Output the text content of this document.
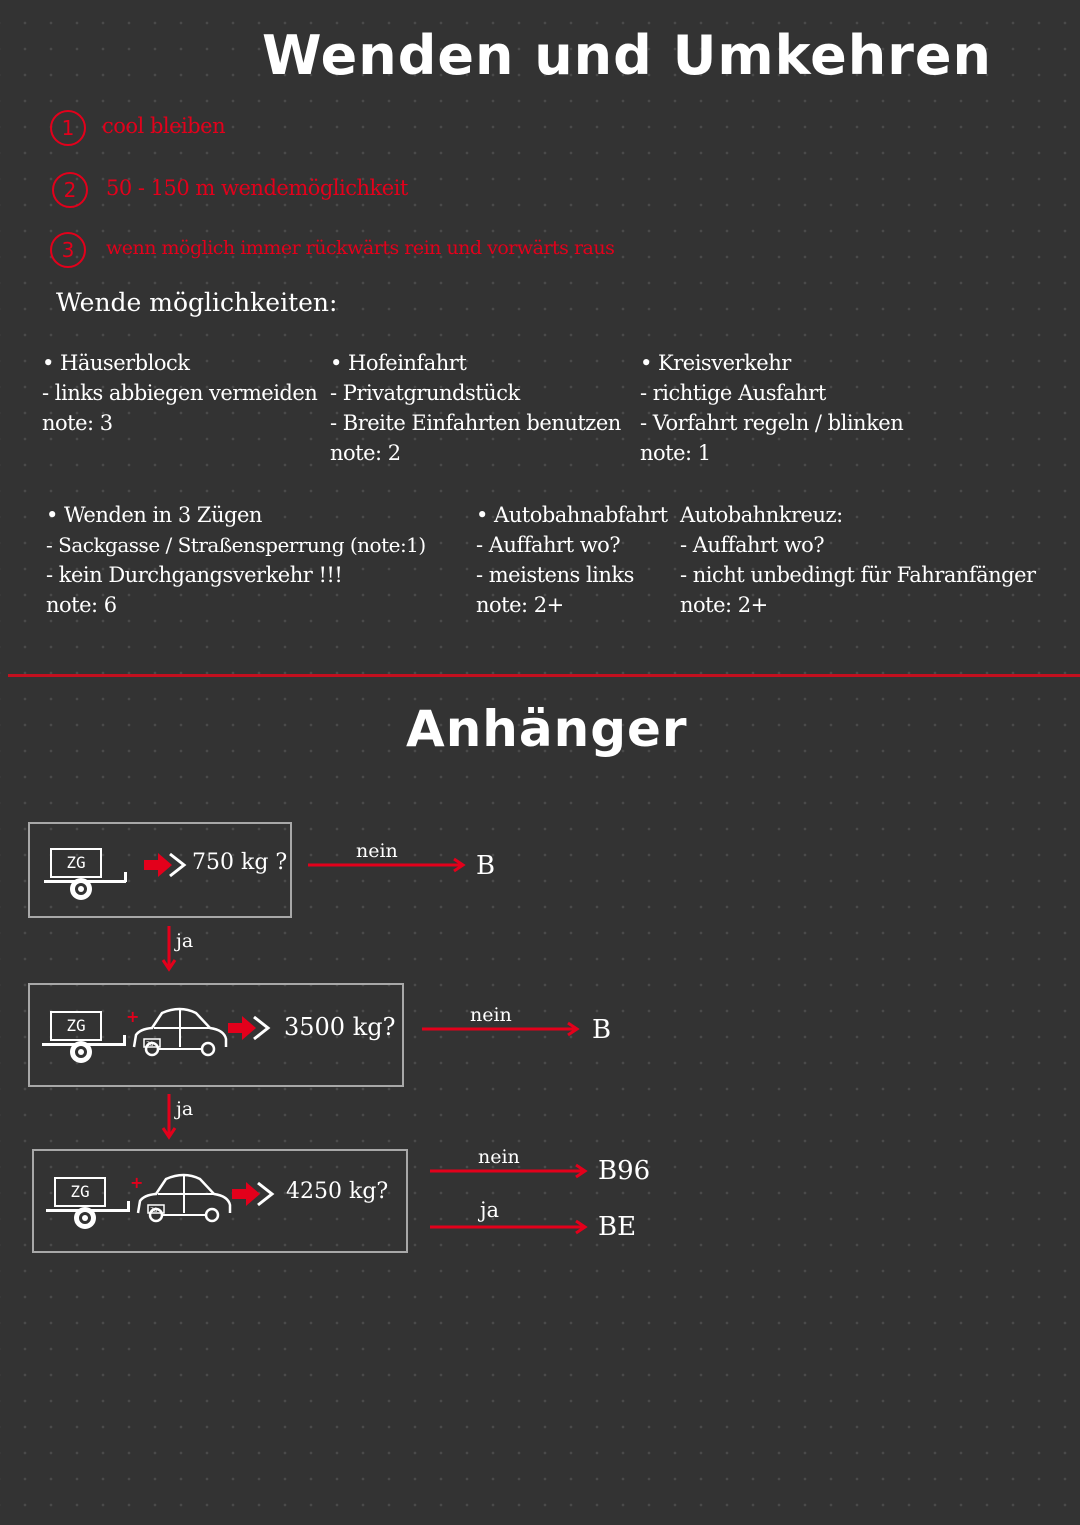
Wenden und Umkehren
1	cool bleiben
2	50 - 150 m wendemöglichkeit
3	wenn möglich immer rückwärts rein und vorwärts raus
Wende möglichkeiten:
• Häuserblock
- links abbiegen vermeiden
note: 3
• Hofeinfahrt
- Privatgrundstück
- Breite Einfahrten benutzen
note: 2
• Kreisverkehr
- richtige Ausfahrt
- Vorfahrt regeln / blinken
note: 1
• Wenden in 3 Zügen
- Sackgasse / Straßensperrung (note:1)
- kein Durchgangsverkehr !!!
note: 6
• Autobahnabfahrt
- Auffahrt wo?
- meistens links
note: 2+
Autobahnkreuz:
- Auffahrt wo?
- nicht unbedingt für Fahranfänger
note: 2+
Anhänger
ZG	750 kg ?	nein	B
ja
ZG	+
ZG
3500 kg?	nein	B
ja
ZG	+
ZG
4250 kg?
nein	B96
ja
BE
